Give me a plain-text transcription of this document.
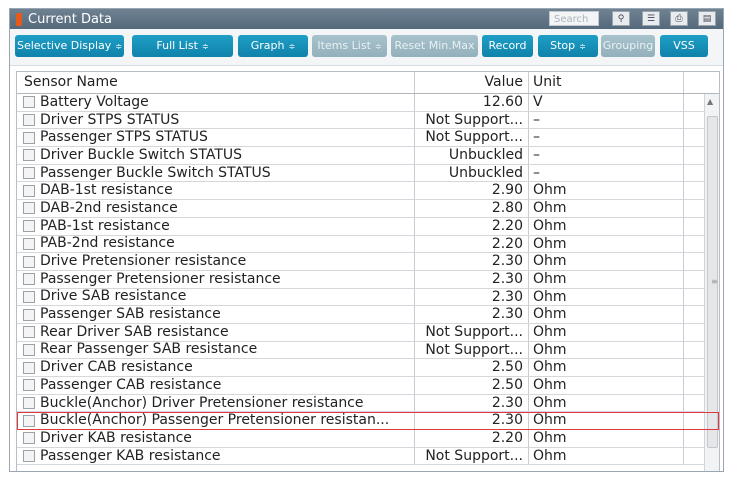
Current Data	Search	⚲	☰	⎙	▤
Selective Display ≑	Full List ≑	Graph ≑	Items List ≑	Reset Min.Max	Record	Stop ≑	Grouping	VSS
Sensor Name	Value Unit
Battery Voltage	12.60 V
Driver STPS STATUS	Not Support... –
Passenger STPS STATUS	Not Support... –
Driver Buckle Switch STATUS	Unbuckled –
Passenger Buckle Switch STATUS	Unbuckled –
DAB-1st resistance	2.90 Ohm
DAB-2nd resistance	2.80 Ohm
PAB-1st resistance	2.20 Ohm
PAB-2nd resistance	2.20 Ohm
Drive Pretensioner resistance	2.30 Ohm
Passenger Pretensioner resistance	2.30 Ohm
Drive SAB resistance	2.30 Ohm
Passenger SAB resistance	2.30 Ohm
Rear Driver SAB resistance	Not Support... Ohm
Rear Passenger SAB resistance	Not Support... Ohm
Driver CAB resistance	2.50 Ohm
Passenger CAB resistance	2.50 Ohm
Buckle(Anchor) Driver Pretensioner resistance	2.30 Ohm
Buckle(Anchor) Passenger Pretensioner resistan...	2.30 Ohm
Driver KAB resistance	2.20 Ohm
Passenger KAB resistance	Not Support... Ohm
▲
≡
